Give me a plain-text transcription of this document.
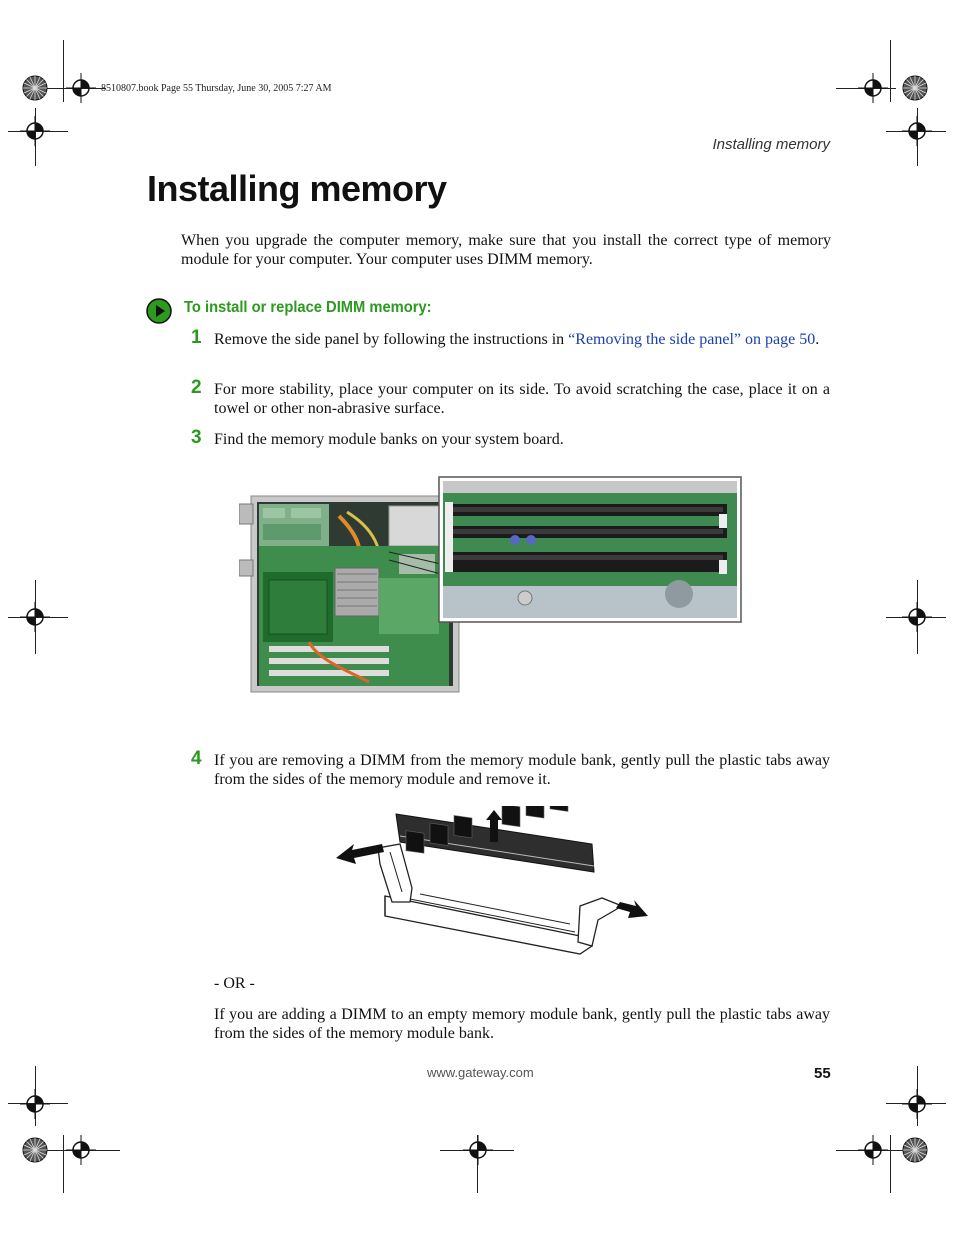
8510807.book Page 55 Thursday, June 30, 2005 7:27 AM
Installing memory
Installing memory

When you upgrade the computer memory, make sure that you install the correct type of memory module for your computer. Your computer uses DIMM memory.

To install or replace DIMM memory:
1 Remove the side panel by following the instructions in “Removing the side panel” on page 50.

2 For more stability, place your computer on its side. To avoid scratching the case, place it on a towel or other non-abrasive surface.

3 Find the memory module banks on your system board.

4 If you are removing a DIMM from the memory module bank, gently pull the plastic tabs away from the sides of the memory module and remove it.

- OR -

If you are adding a DIMM to an empty memory module bank, gently pull the plastic tabs away from the sides of the memory module bank.

www.gateway.com	55
